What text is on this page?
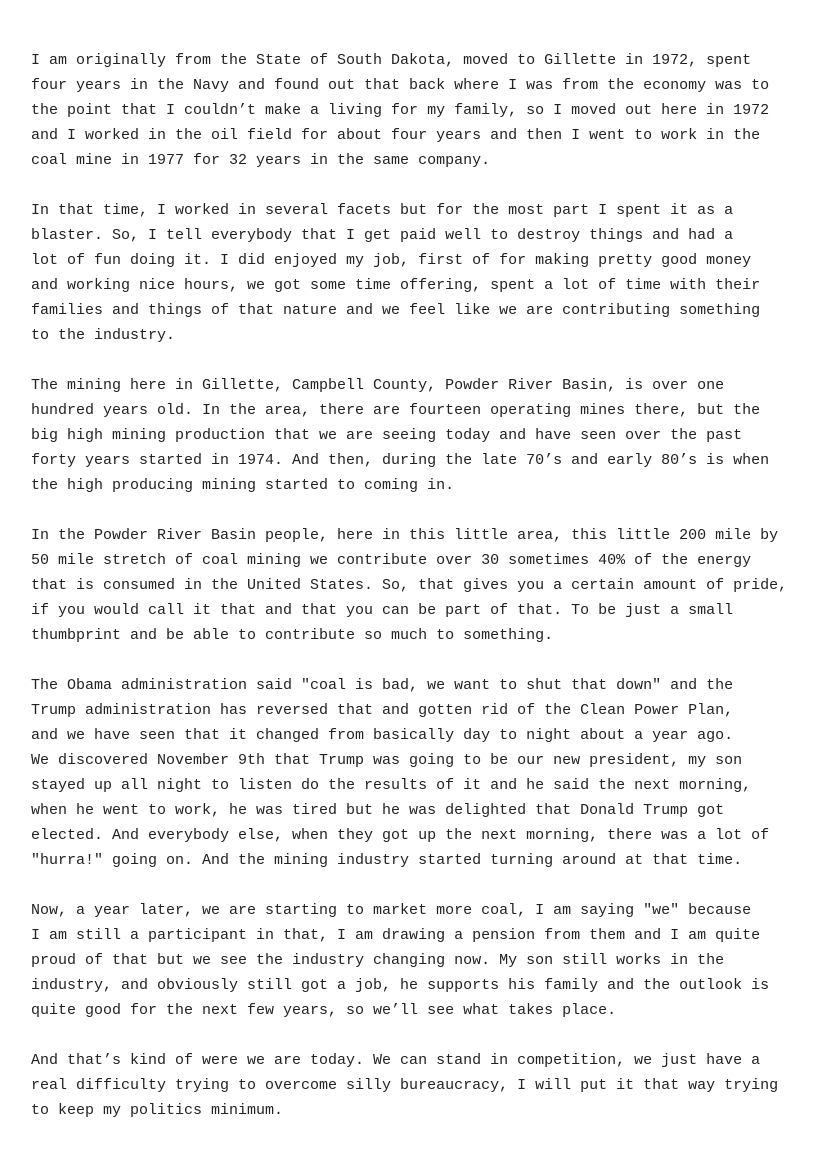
I am originally from the State of South Dakota, moved to Gillette in 1972, spent
four years in the Navy and found out that back where I was from the economy was to
the point that I couldn’t make a living for my family, so I moved out here in 1972
and I worked in the oil field for about four years and then I went to work in the
coal mine in 1977 for 32 years in the same company.
In that time, I worked in several facets but for the most part I spent it as a
blaster. So, I tell everybody that I get paid well to destroy things and had a
lot of fun doing it. I did enjoyed my job, first of for making pretty good money
and working nice hours, we got some time offering, spent a lot of time with their
families and things of that nature and we feel like we are contributing something
to the industry.
The mining here in Gillette, Campbell County, Powder River Basin, is over one
hundred years old. In the area, there are fourteen operating mines there, but the
big high mining production that we are seeing today and have seen over the past
forty years started in 1974. And then, during the late 70’s and early 80’s is when
the high producing mining started to coming in.
In the Powder River Basin people, here in this little area, this little 200 mile by
50 mile stretch of coal mining we contribute over 30 sometimes 40% of the energy
that is consumed in the United States. So, that gives you a certain amount of pride,
if you would call it that and that you can be part of that. To be just a small
thumbprint and be able to contribute so much to something.
The Obama administration said "coal is bad, we want to shut that down" and the
Trump administration has reversed that and gotten rid of the Clean Power Plan,
and we have seen that it changed from basically day to night about a year ago.
We discovered November 9th that Trump was going to be our new president, my son
stayed up all night to listen do the results of it and he said the next morning,
when he went to work, he was tired but he was delighted that Donald Trump got
elected. And everybody else, when they got up the next morning, there was a lot of
"hurra!" going on. And the mining industry started turning around at that time.
Now, a year later, we are starting to market more coal, I am saying "we" because
I am still a participant in that, I am drawing a pension from them and I am quite
proud of that but we see the industry changing now. My son still works in the
industry, and obviously still got a job, he supports his family and the outlook is
quite good for the next few years, so we’ll see what takes place.
And that’s kind of were we are today. We can stand in competition, we just have a
real difficulty trying to overcome silly bureaucracy, I will put it that way trying
to keep my politics minimum.
